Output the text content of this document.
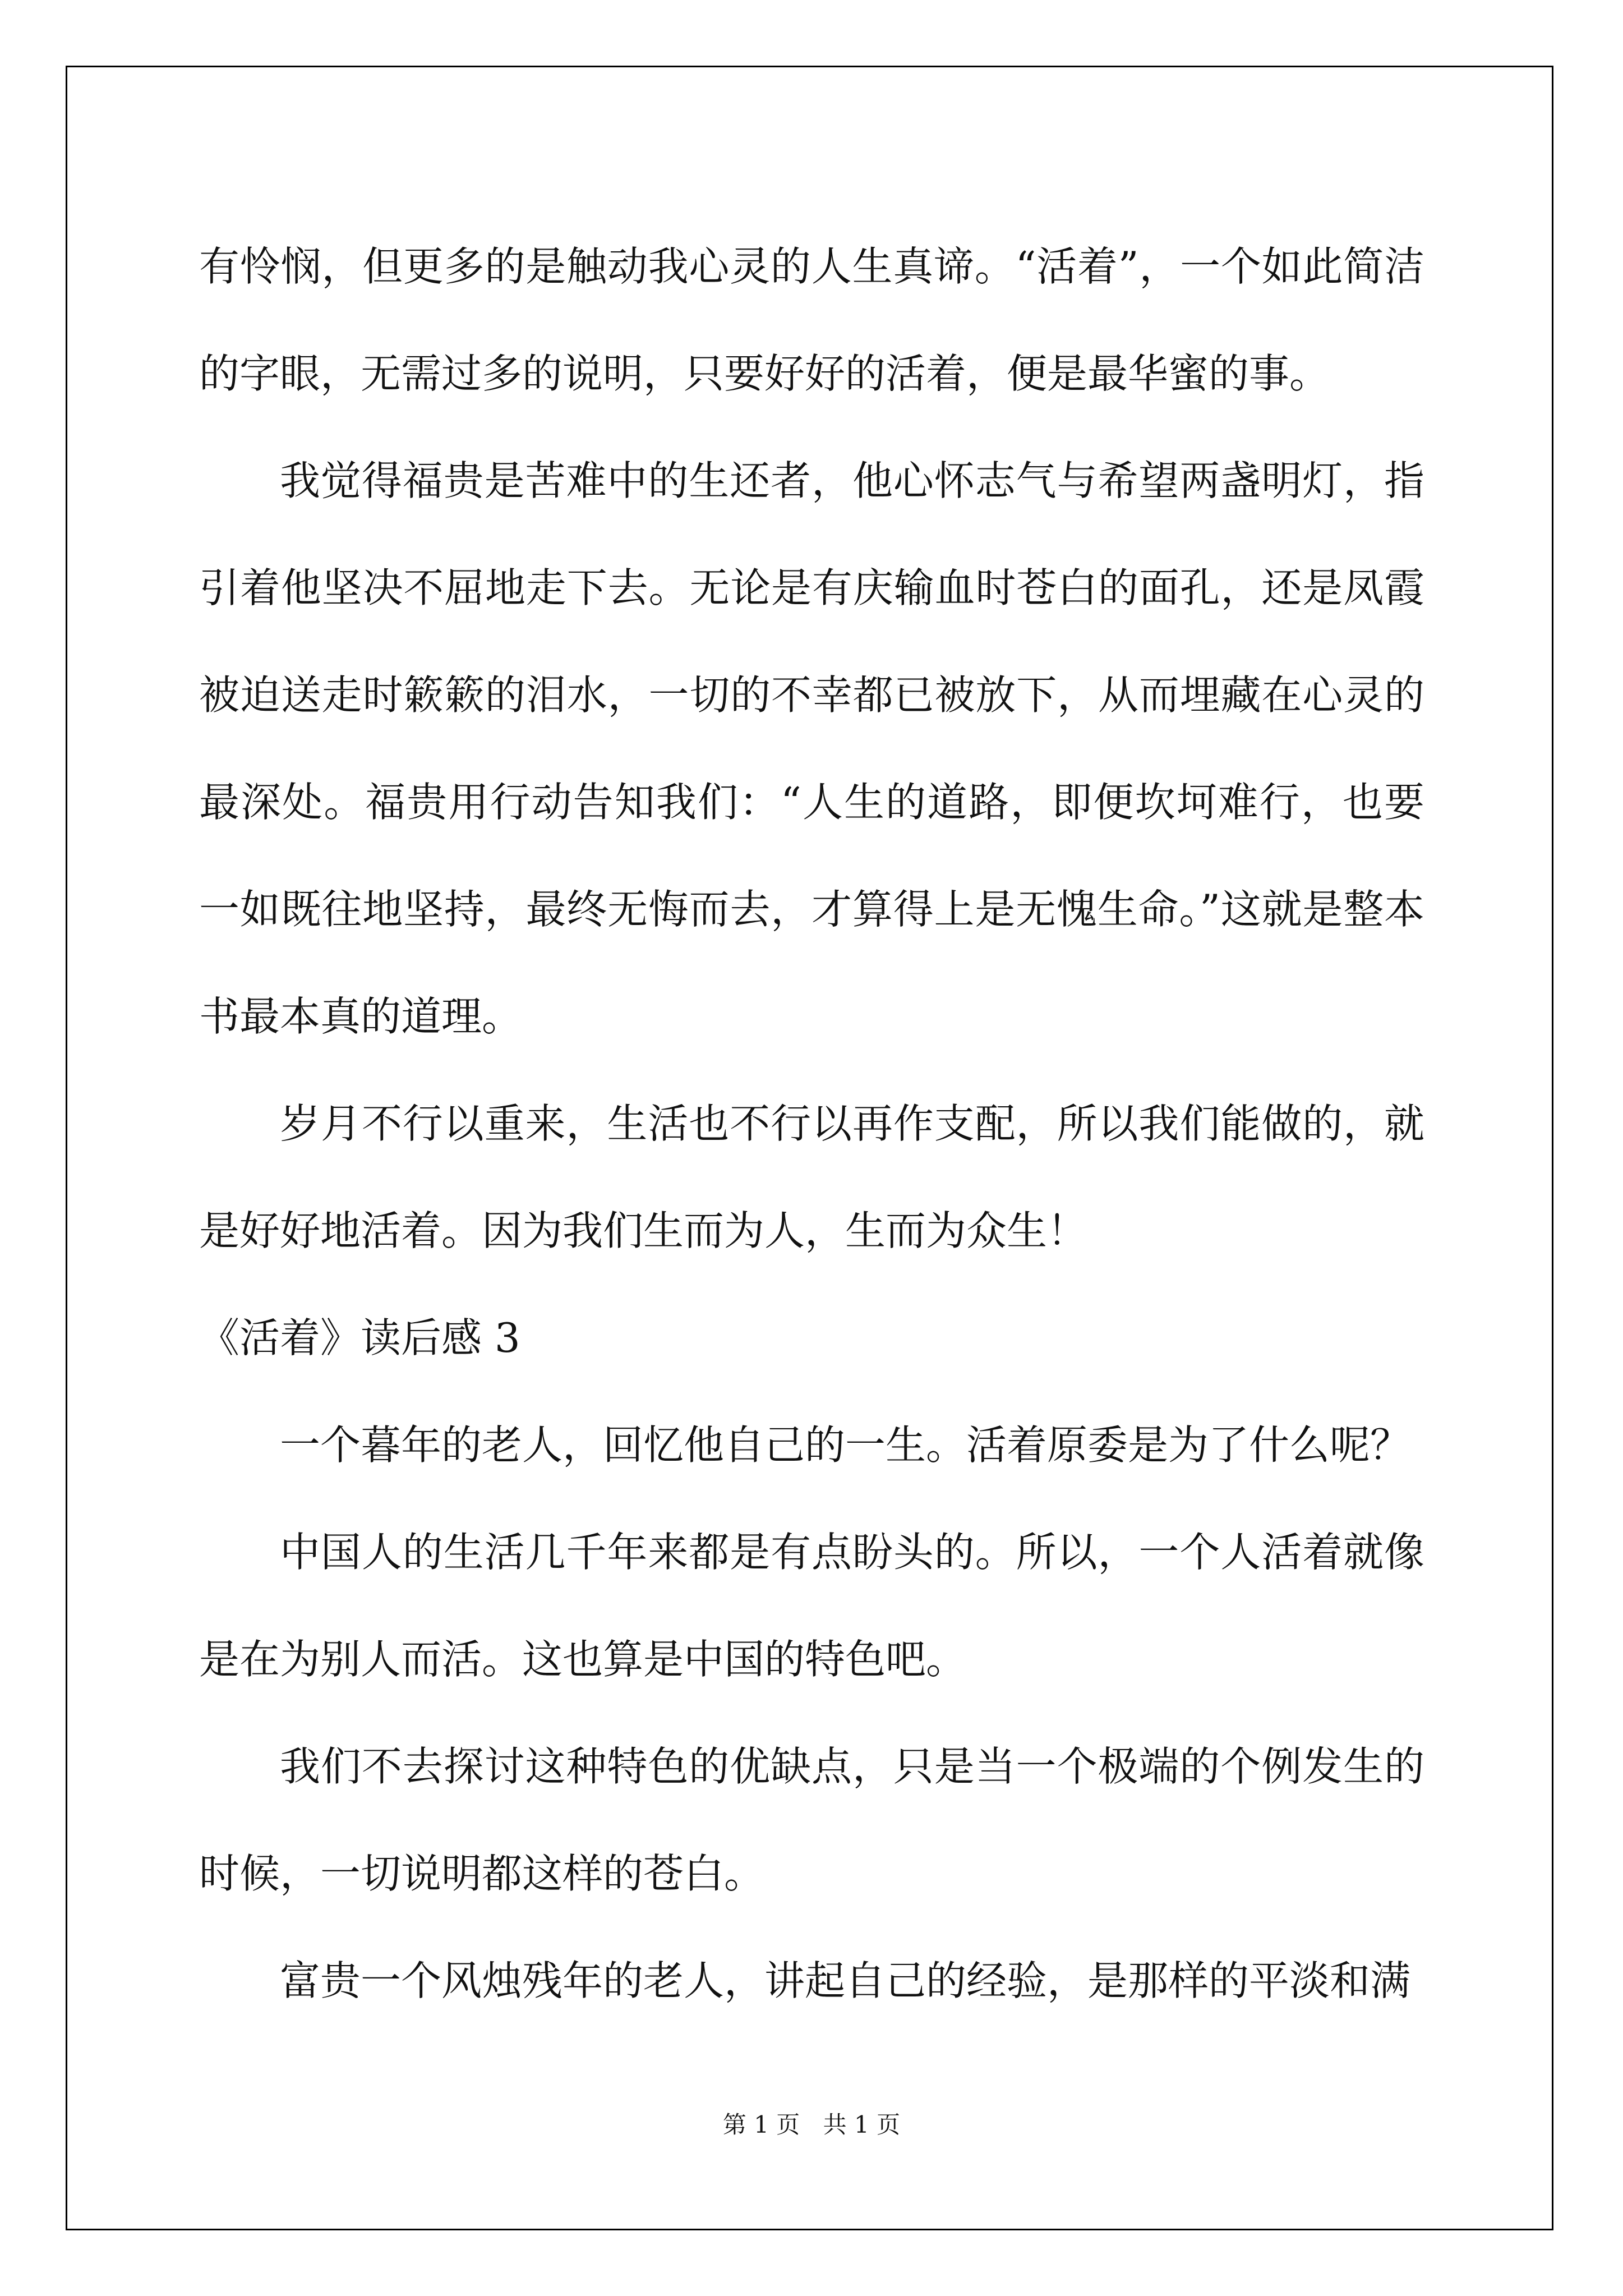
有怜悯，但更多的是触动我心灵的人生真谛。“活着”，一个如此简洁的字眼，无需过多的说明，只要好好的活着，便是最华蜜的事。

我觉得福贵是苦难中的生还者，他心怀志气与希望两盏明灯，指引着他坚决不屈地走下去。无论是有庆输血时苍白的面孔，还是凤霞被迫送走时簌簌的泪水，一切的不幸都已被放下，从而埋藏在心灵的最深处。福贵用行动告知我们：“人生的道路，即便坎坷难行，也要一如既往地坚持，最终无悔而去，才算得上是无愧生命。”这就是整本书最本真的道理。

岁月不行以重来，生活也不行以再作支配，所以我们能做的，就是好好地活着。因为我们生而为人，生而为众生！

《活着》读后感 3

一个暮年的老人，回忆他自己的一生。活着原委是为了什么呢？

中国人的生活几千年来都是有点盼头的。所以，一个人活着就像是在为别人而活。这也算是中国的特色吧。

我们不去探讨这种特色的优缺点，只是当一个极端的个例发生的时候，一切说明都这样的苍白。

富贵一个风烛残年的老人，讲起自己的经验，是那样的平淡和满

第 1 页 共 1 页
